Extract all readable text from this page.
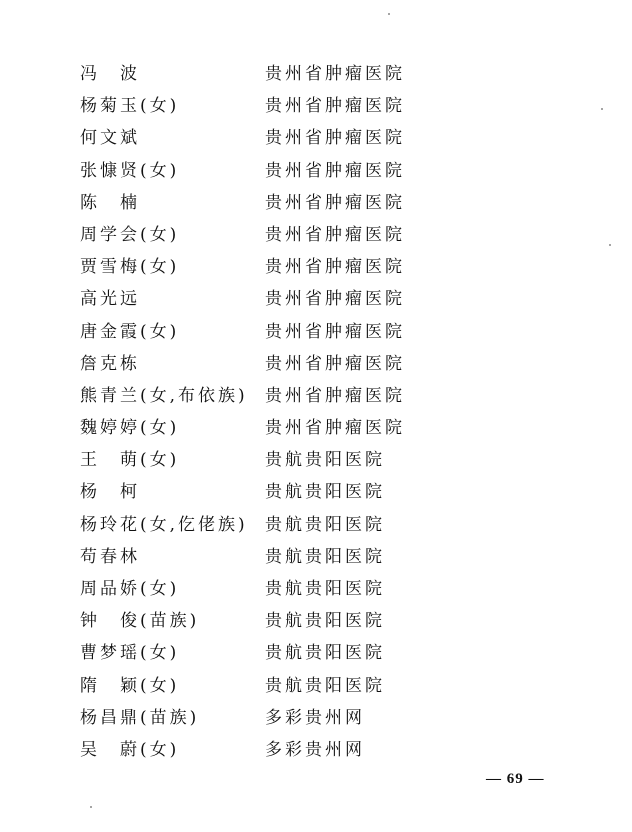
冯　波	贵州省肿瘤医院
杨菊玉(女)	贵州省肿瘤医院
何文斌	贵州省肿瘤医院
张慷贤(女)	贵州省肿瘤医院
陈　楠	贵州省肿瘤医院
周学会(女)	贵州省肿瘤医院
贾雪梅(女)	贵州省肿瘤医院
高光远	贵州省肿瘤医院
唐金霞(女)	贵州省肿瘤医院
詹克栋	贵州省肿瘤医院
熊青兰(女,布依族) 贵州省肿瘤医院
魏婷婷(女)	贵州省肿瘤医院
王　萌(女)	贵航贵阳医院
杨　柯	贵航贵阳医院
杨玲花(女,仡佬族) 贵航贵阳医院
苟春林	贵航贵阳医院
周品娇(女)	贵航贵阳医院
钟　俊(苗族)	贵航贵阳医院
曹梦瑶(女)	贵航贵阳医院
隋　颖(女)	贵航贵阳医院
杨昌鼎(苗族)	多彩贵州网
吴　蔚(女)	多彩贵州网
— 69 —
